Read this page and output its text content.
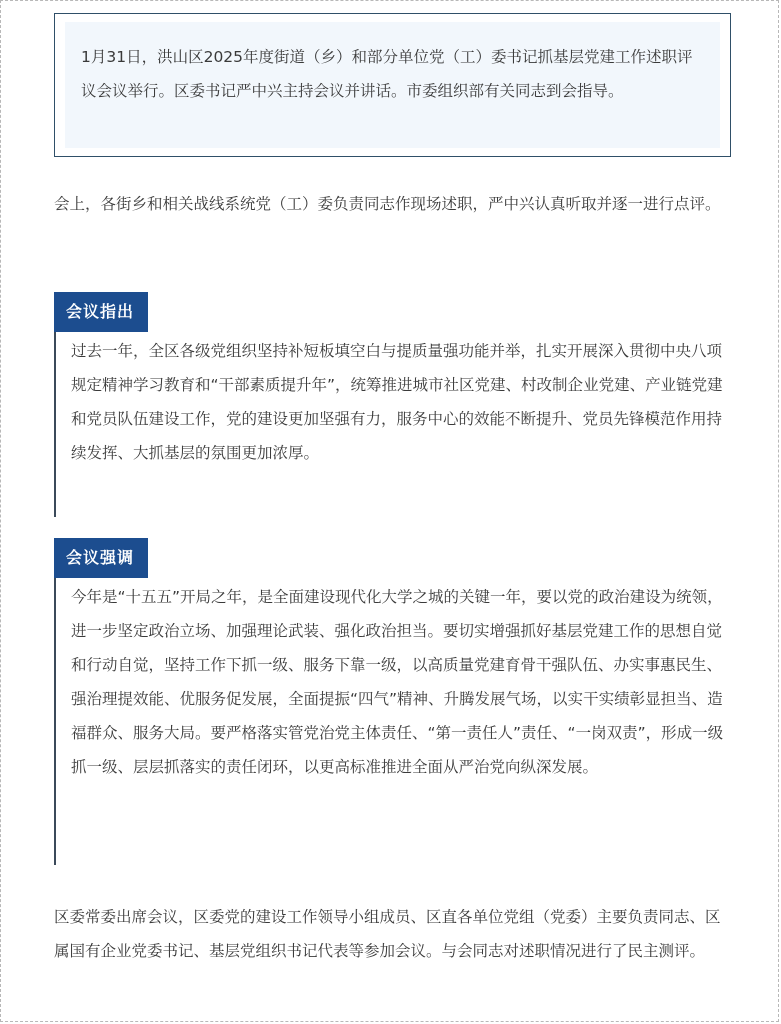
1月31日，洪山区2025年度街道（乡）和部分单位党（工）委书记抓基层党建工作述职评议会议举行。区委书记严中兴主持会议并讲话。市委组织部有关同志到会指导。
会上，各街乡和相关战线系统党（工）委负责同志作现场述职，严中兴认真听取并逐一进行点评。
会议指出
过去一年，全区各级党组织坚持补短板填空白与提质量强功能并举，扎实开展深入贯彻中央八项规定精神学习教育和“干部素质提升年”，统筹推进城市社区党建、村改制企业党建、产业链党建和党员队伍建设工作，党的建设更加坚强有力，服务中心的效能不断提升、党员先锋模范作用持续发挥、大抓基层的氛围更加浓厚。
会议强调
今年是“十五五”开局之年，是全面建设现代化大学之城的关键一年，要以党的政治建设为统领，进一步坚定政治立场、加强理论武装、强化政治担当。要切实增强抓好基层党建工作的思想自觉和行动自觉，坚持工作下抓一级、服务下靠一级，以高质量党建育骨干强队伍、办实事惠民生、强治理提效能、优服务促发展，全面提振“四气”精神、升腾发展气场，以实干实绩彰显担当、造福群众、服务大局。要严格落实管党治党主体责任、“第一责任人”责任、“一岗双责”，形成一级抓一级、层层抓落实的责任闭环，以更高标准推进全面从严治党向纵深发展。
区委常委出席会议，区委党的建设工作领导小组成员、区直各单位党组（党委）主要负责同志、区属国有企业党委书记、基层党组织书记代表等参加会议。与会同志对述职情况进行了民主测评。
